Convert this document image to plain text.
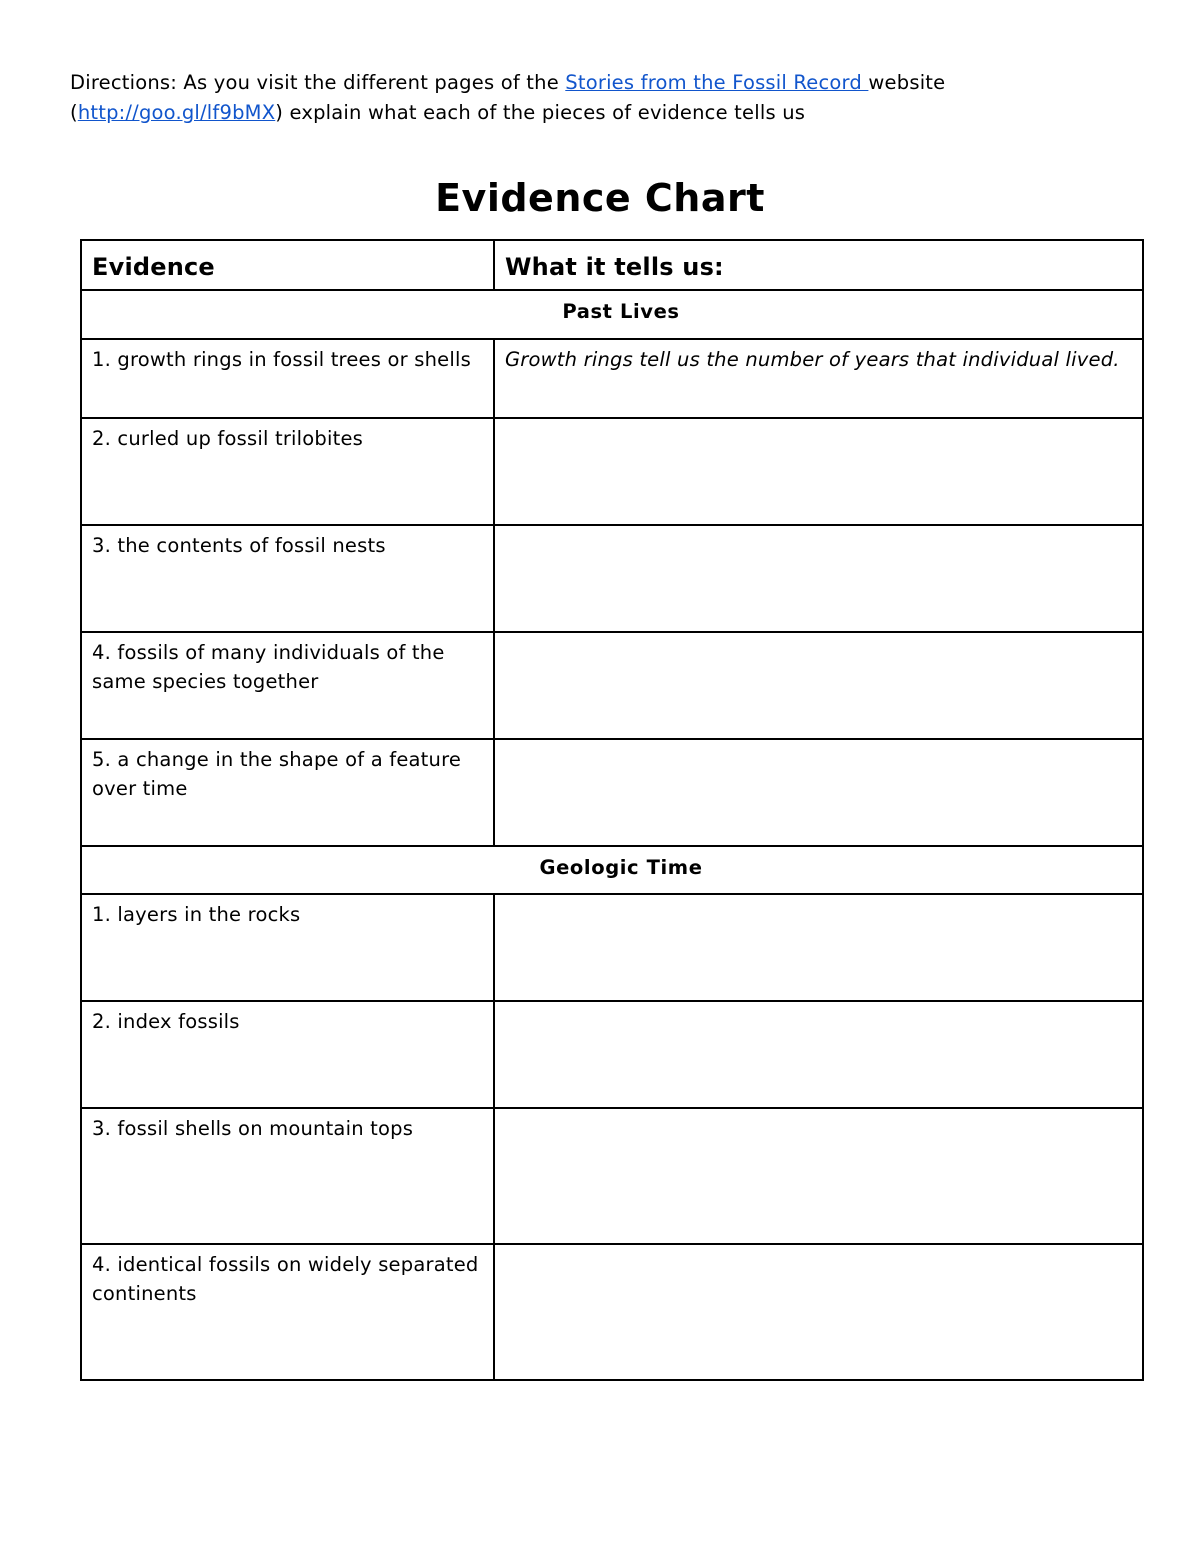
Directions: As you visit the different pages of the Stories from the Fossil Record website (http://goo.gl/lf9bMX) explain what each of the pieces of evidence tells us
Evidence Chart
Evidence	What it tells us:
Past Lives	
1. growth rings in fossil trees or shells	Growth rings tell us the number of years that individual lived.
2. curled up fossil trilobites	
3. the contents of fossil nests	
4. fossils of many individuals of the same species together	
5. a change in the shape of a feature over time	
Geologic Time	
1. layers in the rocks	
2. index fossils	
3. fossil shells on mountain tops	
4. identical fossils on widely separated continents	
